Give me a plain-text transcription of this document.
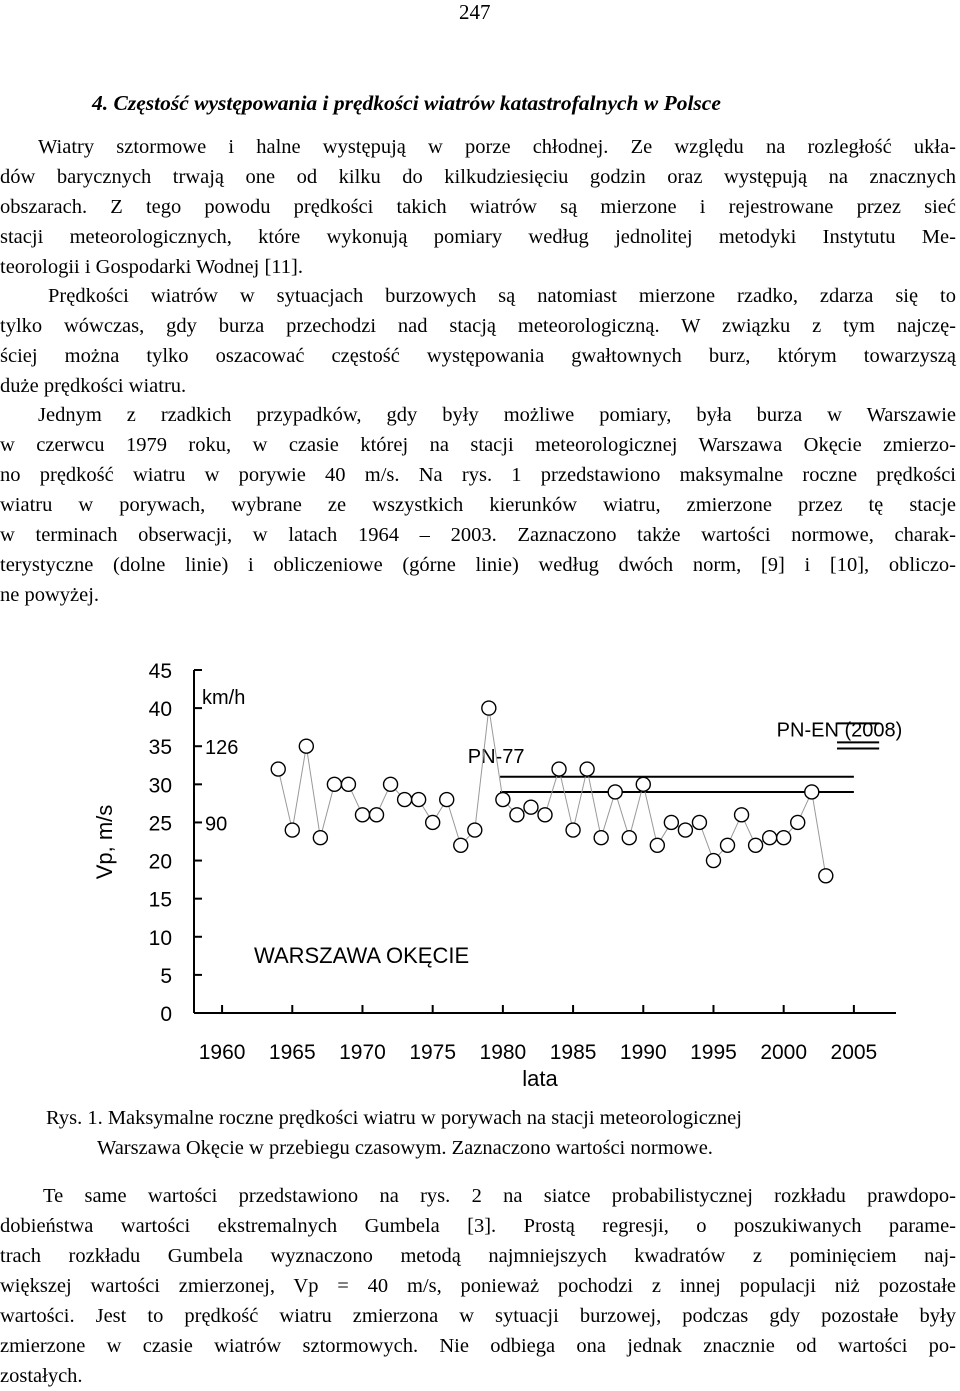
247
4. Częstość występowania i prędkości wiatrów katastrofalnych w Polsce
Wiatry sztormowe i halne występują w porze chłodnej. Ze względu na rozległość ukła-
dów barycznych trwają one od kilku do kilkudziesięciu godzin oraz występują na znacznych
obszarach. Z tego powodu prędkości takich wiatrów są mierzone i rejestrowane przez sieć
stacji meteorologicznych, które wykonują pomiary według jednolitej metodyki Instytutu Me-
teorologii i Gospodarki Wodnej [11].
Prędkości wiatrów w sytuacjach burzowych są natomiast mierzone rzadko, zdarza się to
tylko wówczas, gdy burza przechodzi nad stacją meteorologiczną. W związku z tym najczę-
ściej można tylko oszacować częstość występowania gwałtownych burz, którym towarzyszą
duże prędkości wiatru.
Jednym z rzadkich przypadków, gdy były możliwe pomiary, była burza w Warszawie
w czerwcu 1979 roku, w czasie której na stacji meteorologicznej Warszawa Okęcie zmierzo-
no prędkość wiatru w porywie 40 m/s. Na rys. 1 przedstawiono maksymalne roczne prędkości
wiatru w porywach, wybrane ze wszystkich kierunków wiatru, zmierzone przez tę stacje
w terminach obserwacji, w latach 1964 – 2003. Zaznaczono także wartości normowe, charak-
terystyczne (dolne linie) i obliczeniowe (górne linie) według dwóch norm, [9] i [10], obliczo-
ne powyżej.
Te same wartości przedstawiono na rys. 2 na siatce probabilistycznej rozkładu prawdopo-
dobieństwa wartości ekstremalnych Gumbela [3]. Prostą regresji, o poszukiwanych parame-
trach rozkładu Gumbela wyznaczono metodą najmniejszych kwadratów z pominięciem naj-
większej wartości zmierzonej, Vp = 40 m/s, ponieważ pochodzi z innej populacji niż pozostałe
wartości. Jest to prędkość wiatru zmierzona w sytuacji burzowej, podczas gdy pozostałe były
zmierzone w czasie wiatrów sztormowych. Nie odbiega ona jednak znacznie od wartości po-
zostałych.
0
5
10
15
20
25
30
35
40
45
1960 1965 1970 1975 1980 1985 1990 1995 2000 2005
126
90
PN-77
PN-EN (2008)
Vp, m/s
lata
km/h
WARSZAWA OKĘCIE
Rys. 1. Maksymalne roczne prędkości wiatru w porywach na stacji meteorologicznej
Warszawa Okęcie w przebiegu czasowym. Zaznaczono wartości normowe.
